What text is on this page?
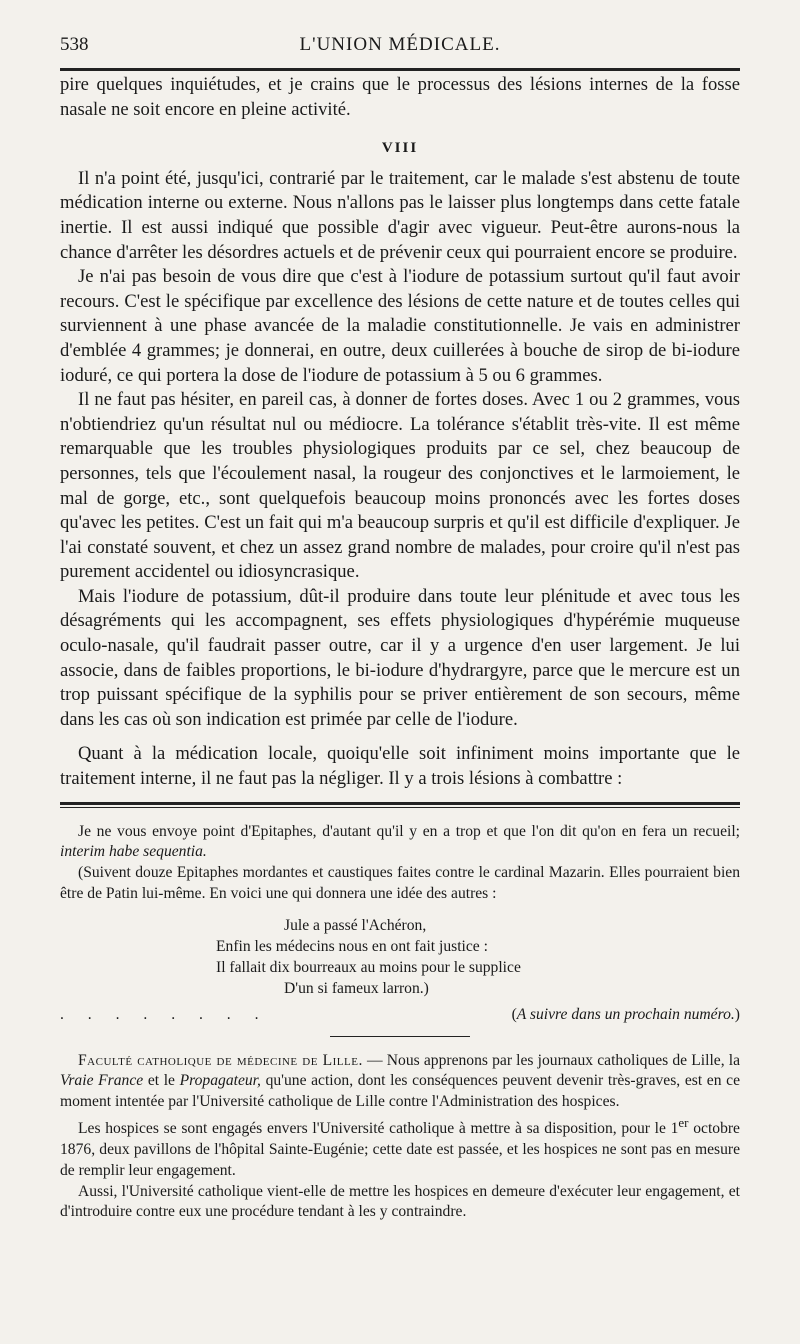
538	L'UNION MÉDICALE.

pire quelques inquiétudes, et je crains que le processus des lésions internes de la fosse nasale ne soit encore en pleine activité.

VIII

Il n'a point été, jusqu'ici, contrarié par le traitement, car le malade s'est abstenu de toute médication interne ou externe. Nous n'allons pas le laisser plus longtemps dans cette fatale inertie. Il est aussi indiqué que possible d'agir avec vigueur. Peut-être aurons-nous la chance d'arrêter les désordres actuels et de prévenir ceux qui pourraient encore se produire.

Je n'ai pas besoin de vous dire que c'est à l'iodure de potassium surtout qu'il faut avoir recours. C'est le spécifique par excellence des lésions de cette nature et de toutes celles qui surviennent à une phase avancée de la maladie constitutionnelle. Je vais en administrer d'emblée 4 grammes; je donnerai, en outre, deux cuillerées à bouche de sirop de bi-iodure ioduré, ce qui portera la dose de l'iodure de potassium à 5 ou 6 grammes.

Il ne faut pas hésiter, en pareil cas, à donner de fortes doses. Avec 1 ou 2 grammes, vous n'obtiendriez qu'un résultat nul ou médiocre. La tolérance s'établit très-vite. Il est même remarquable que les troubles physiologiques produits par ce sel, chez beaucoup de personnes, tels que l'écoulement nasal, la rougeur des conjonctives et le larmoiement, le mal de gorge, etc., sont quelquefois beaucoup moins prononcés avec les fortes doses qu'avec les petites. C'est un fait qui m'a beaucoup surpris et qu'il est difficile d'expliquer. Je l'ai constaté souvent, et chez un assez grand nombre de malades, pour croire qu'il n'est pas purement accidentel ou idiosyncrasique.

Mais l'iodure de potassium, dût-il produire dans toute leur plénitude et avec tous les désagréments qui les accompagnent, ses effets physiologiques d'hypérémie muqueuse oculo-nasale, qu'il faudrait passer outre, car il y a urgence d'en user largement. Je lui associe, dans de faibles proportions, le bi-iodure d'hydrargyre, parce que le mercure est un trop puissant spécifique de la syphilis pour se priver entièrement de son secours, même dans les cas où son indication est primée par celle de l'iodure.

Quant à la médication locale, quoiqu'elle soit infiniment moins importante que le traitement interne, il ne faut pas la négliger. Il y a trois lésions à combattre :

Je ne vous envoye point d'Epitaphes, d'autant qu'il y en a trop et que l'on dit qu'on en fera un recueil; interim habe sequentia.

(Suivent douze Epitaphes mordantes et caustiques faites contre le cardinal Mazarin. Elles pourraient bien être de Patin lui-même. En voici une qui donnera une idée des autres :

Jule a passé l'Achéron,
Enfin les médecins nous en ont fait justice :
Il fallait dix bourreaux au moins pour le supplice
D'un si fameux larron.)
. . . . . . . .	(A suivre dans un prochain numéro.)

Faculté catholique de médecine de Lille. — Nous apprenons par les journaux catholiques de Lille, la Vraie France et le Propagateur, qu'une action, dont les conséquences peuvent devenir très-graves, est en ce moment intentée par l'Université catholique de Lille contre l'Administration des hospices.

Les hospices se sont engagés envers l'Université catholique à mettre à sa disposition, pour le 1er octobre 1876, deux pavillons de l'hôpital Sainte-Eugénie; cette date est passée, et les hospices ne sont pas en mesure de remplir leur engagement.

Aussi, l'Université catholique vient-elle de mettre les hospices en demeure d'exécuter leur engagement, et d'introduire contre eux une procédure tendant à les y contraindre.
